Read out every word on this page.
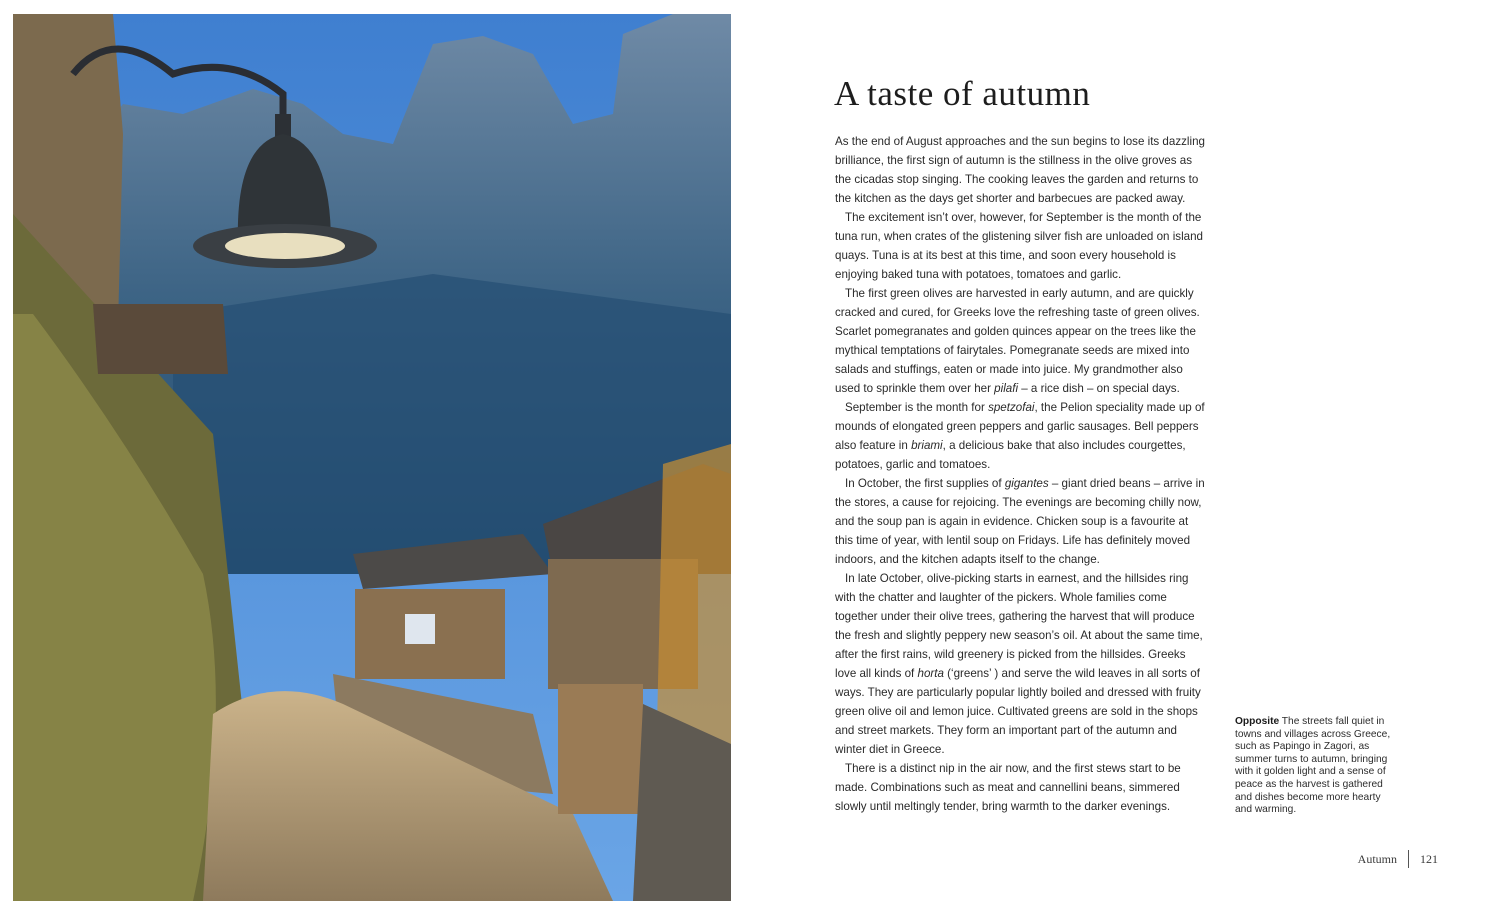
A taste of autumn

As the end of August approaches and the sun begins to lose its dazzling brilliance, the first sign of autumn is the stillness in the olive groves as the cicadas stop singing. The cooking leaves the garden and returns to the kitchen as the days get shorter and barbecues are packed away.

The excitement isn’t over, however, for September is the month of the tuna run, when crates of the glistening silver fish are unloaded on island quays. Tuna is at its best at this time, and soon every household is enjoying baked tuna with potatoes, tomatoes and garlic.

The first green olives are harvested in early autumn, and are quickly cracked and cured, for Greeks love the refreshing taste of green olives. Scarlet pomegranates and golden quinces appear on the trees like the mythical temptations of fairytales. Pomegranate seeds are mixed into salads and stuffings, eaten or made into juice. My grandmother also used to sprinkle them over her pilafi – a rice dish – on special days.

September is the month for spetzofai, the Pelion speciality made up of mounds of elongated green peppers and garlic sausages. Bell peppers also feature in briami, a delicious bake that also includes courgettes, potatoes, garlic and tomatoes.

In October, the first supplies of gigantes – giant dried beans – arrive in the stores, a cause for rejoicing. The evenings are becoming chilly now, and the soup pan is again in evidence. Chicken soup is a favourite at this time of year, with lentil soup on Fridays. Life has definitely moved indoors, and the kitchen adapts itself to the change.

In late October, olive-picking starts in earnest, and the hillsides ring with the chatter and laughter of the pickers. Whole families come together under their olive trees, gathering the harvest that will produce the fresh and slightly peppery new season’s oil. At about the same time, after the first rains, wild greenery is picked from the hillsides. Greeks love all kinds of horta (‘greens’ ) and serve the wild leaves in all sorts of ways. They are particularly popular lightly boiled and dressed with fruity green olive oil and lemon juice. Cultivated greens are sold in the shops and street markets. They form an important part of the autumn and winter diet in Greece.

There is a distinct nip in the air now, and the first stews start to be made. Combinations such as meat and cannellini beans, simmered slowly until meltingly tender, bring warmth to the darker evenings.

Opposite The streets fall quiet in towns and villages across Greece, such as Papingo in Zagori, as summer turns to autumn, bringing with it golden light and a sense of peace as the harvest is gathered and dishes become more hearty and warming.
Autumn 121
